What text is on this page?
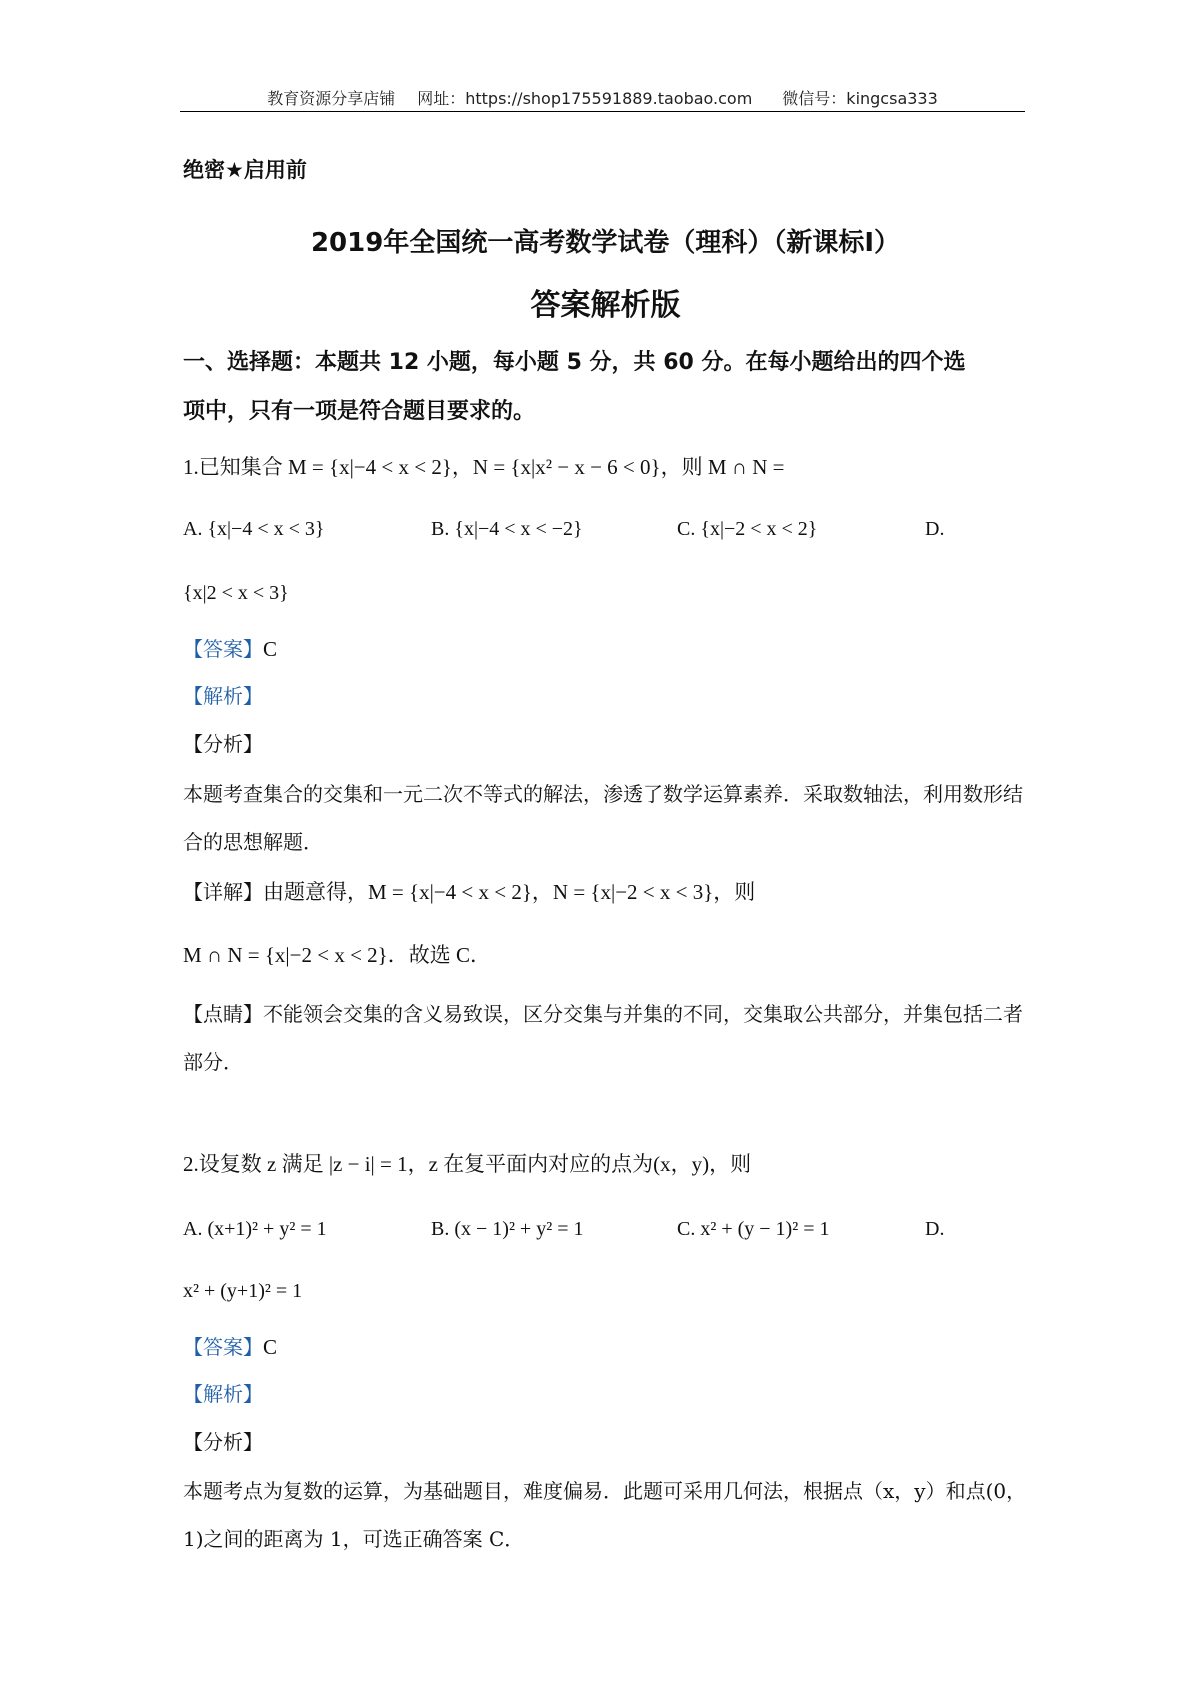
教育资源分享店铺 网址：https://shop175591889.taobao.com 微信号：kingcsa333
绝密★启用前
2019年全国统一高考数学试卷（理科）（新课标Ⅰ）
答案解析版
一、选择题：本题共 12 小题，每小题 5 分，共 60 分。在每小题给出的四个选
项中，只有一项是符合题目要求的。
1.已知集合 M = {x|−4 < x < 2}，N = {x|x² − x − 6 < 0}，则 M ∩ N =
A. {x|−4 < x < 3}	B. {x|−4 < x < −2}	C. {x|−2 < x < 2}	D.
{x|2 < x < 3}
【答案】C
【解析】
【分析】
本题考查集合的交集和一元二次不等式的解法，渗透了数学运算素养．采取数轴法，利用数形结合的思想解题．
【详解】由题意得，M = {x|−4 < x < 2}，N = {x|−2 < x < 3}，则
M ∩ N = {x|−2 < x < 2}．故选 C．
【点睛】不能领会交集的含义易致误，区分交集与并集的不同，交集取公共部分，并集包括二者部分．
2.设复数 z 满足 |z − i| = 1，z 在复平面内对应的点为(x，y)，则
A. (x+1)² + y² = 1	B. (x − 1)² + y² = 1	C. x² + (y − 1)² = 1	D.
x² + (y+1)² = 1
【答案】C
【解析】
【分析】
本题考点为复数的运算，为基础题目，难度偏易．此题可采用几何法，根据点（x，y）和点(0，1)之间的距离为 1，可选正确答案 C．
